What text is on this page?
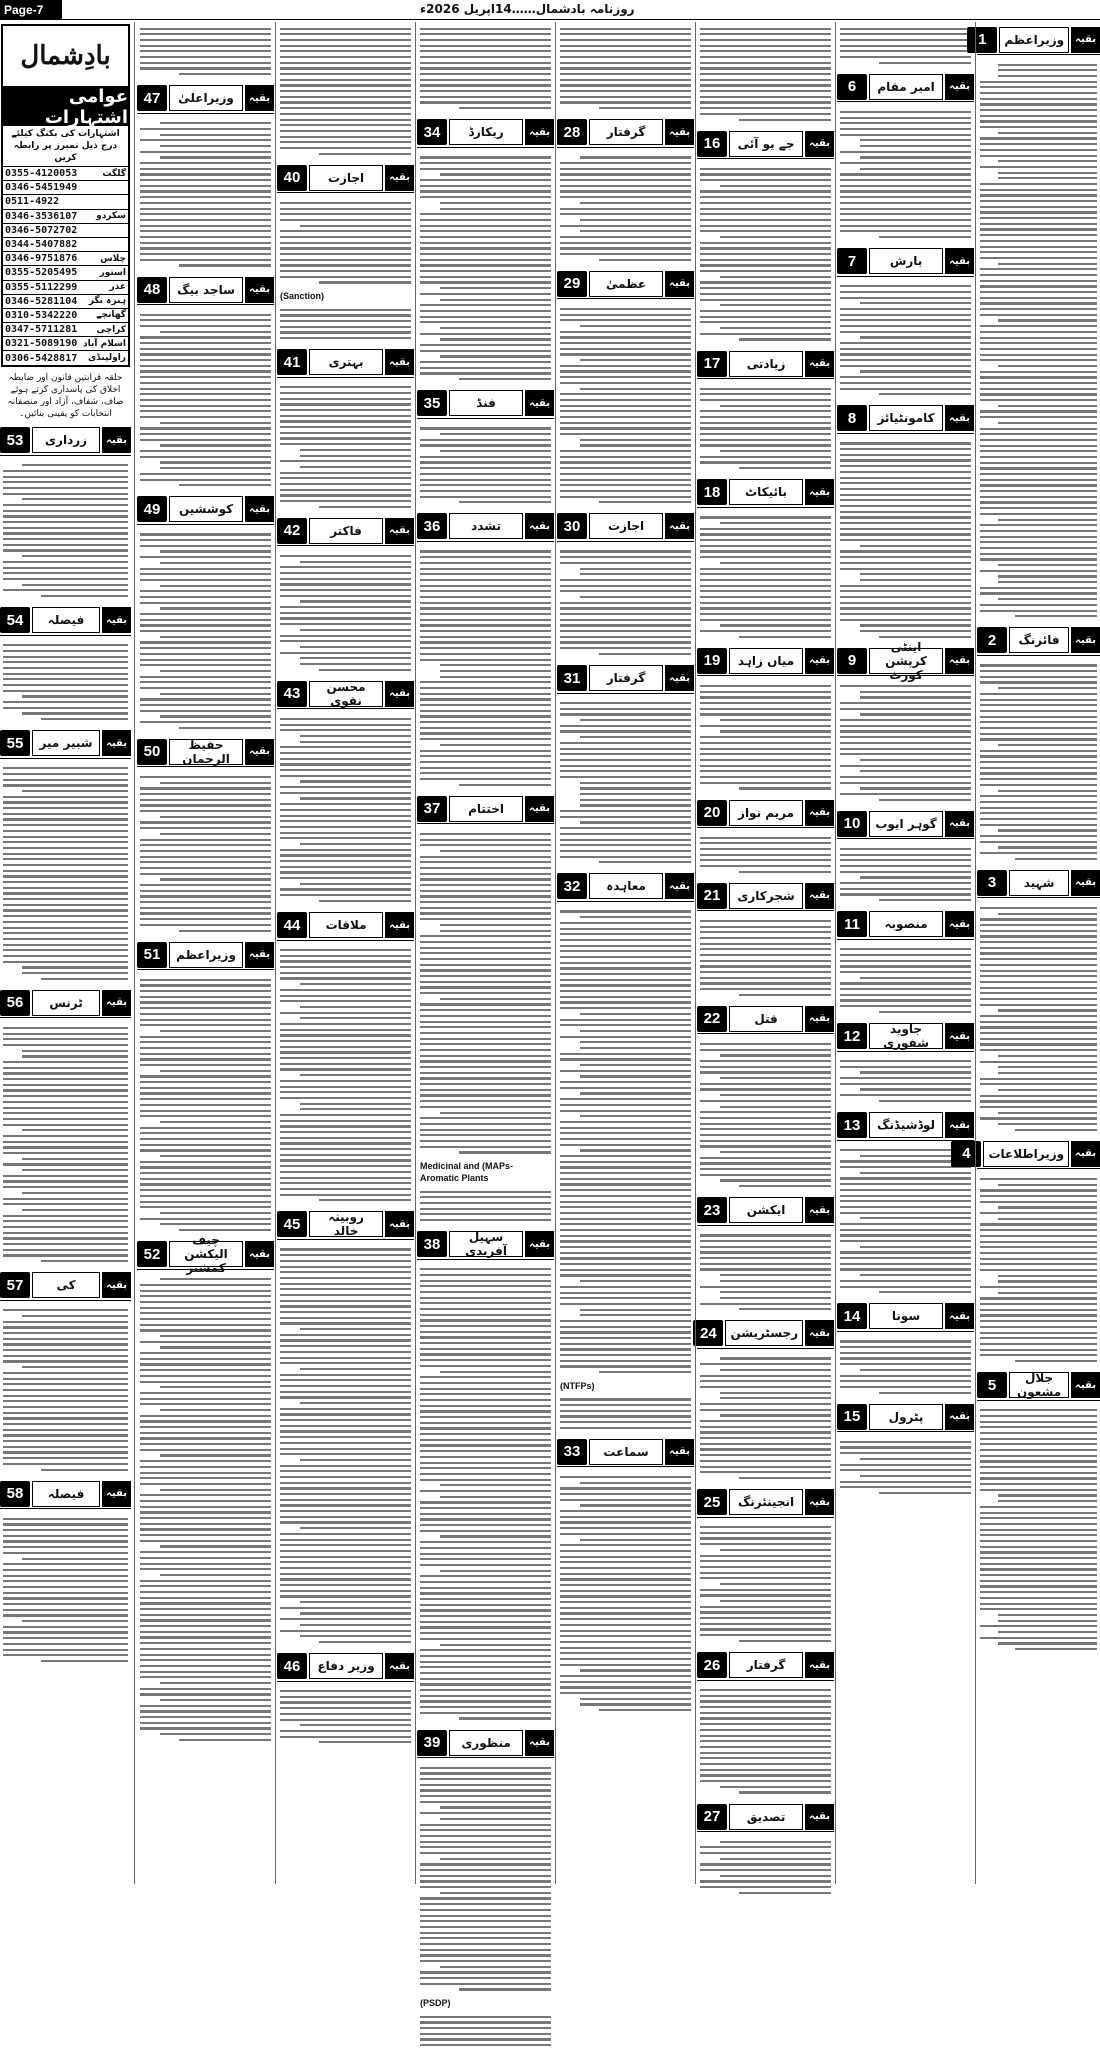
Page-7	روزنامہ بادشمال……14اپریل 2026ء
بادِشمال
عوامی اشتہارات
اشتہارات کی بکنگ کیلئے درج ذیل نمبرز پر رابطہ کریں
0355-4120053	گلگت
0346-5451949
0511-4922
0346-3536107 سکردو
0346-5072702
0344-5407882
0346-9751876	چلاس
0355-5205495 استور
0355-5112299	غذر
0346-5281104 ہنزہ نگر
0310-5342220 گھانچے
0347-5711281 کراچی
0321-5089190 اسلام آباد
0306-5428817 راولپنڈی
حلقہ قرابتیں قانون اور ضابطہ اخلاق کی پاسداری کرتے ہوئے صاف، شفاف، آزاد اور منصفانہ انتخابات کو یقینی بنائیں۔
بقیہ
زرداری
53
بقیہ
فیصلہ
54
بقیہ
شبیر میر
55
بقیہ
ٹرنس
56
بقیہ
کی
57
بقیہ
فیصلہ
58
بقیہ
وزیراعلیٰ
47
بقیہ
ساجد بیگ
48
بقیہ
کوششیں
49
بقیہ
حفیظ الرحمان
50
بقیہ
وزیراعظم
51
بقیہ
چیف الیکشن کمشنر
52
بقیہ
اجازت
40
(Sanction)
بقیہ
بہتری
41
بقیہ
فاکتر
42
بقیہ
محسن نقوی
43
بقیہ
ملاقات
44
بقیہ
روبینہ خالد
45
بقیہ
وزیر دفاع
46
بقیہ
ریکارڈ
34
بقیہ
فنڈ
35
بقیہ
تشدد
36
بقیہ
اختتام
37
Medicinal and (MAPs-Aromatic Plants
بقیہ
سہیل آفریدی
38
بقیہ
منظوری
39
(PSDP)
بقیہ
گرفتار
28
بقیہ
عظمیٰ
29
بقیہ
اجازت
30
بقیہ
گرفتار
31
بقیہ
معاہدہ
32
(NTFPs)
بقیہ
سماعت
33
بقیہ
جے یو آئی
16
بقیہ
زیادتی
17
بقیہ
بائیکاٹ
18
بقیہ
میاں زاہد
19
بقیہ
مریم نواز
20
بقیہ
شجرکاری
21
بقیہ
قتل
22
بقیہ
ایکشن
23
بقیہ
رجسٹریشن
24
بقیہ
انجینئرنگ
25
بقیہ
گرفتار
26
بقیہ
تصدیق
27
بقیہ
امیر مقام
6
بقیہ
بارش
7
بقیہ
کامونٹیائز
8
بقیہ
اینٹی کرپشن کورٹ
9
بقیہ
گوہر ایوب
10
بقیہ
منصوبہ
11
بقیہ
جاوید شفوری
12
بقیہ
لوڈشیڈنگ
13
بقیہ
سونا
14
بقیہ
پٹرول
15
بقیہ
وزیراعظم
1
بقیہ
فائرنگ
2
بقیہ
شہید
3
بقیہ
وزیراطلاعات
4
بقیہ
جلال مشعون
5
